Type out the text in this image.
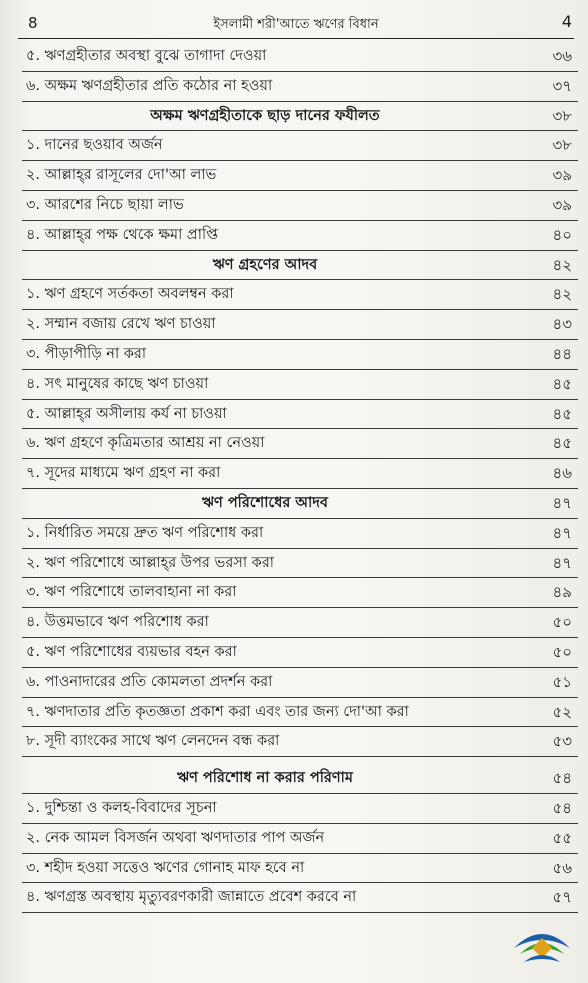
8	ইসলামী শরী'আতে ঋণের বিধান	4
৫. ঋণগ্রহীতার অবস্থা বুঝে তাগাদা দেওয়া	৩৬
৬. অক্ষম ঋণগ্রহীতার প্রতি কঠোর না হওয়া	৩৭
অক্ষম ঋণগ্রহীতাকে ছাড় দানের ফযীলত	৩৮
১. দানের ছওয়াব অর্জন	৩৮
২. আল্লাহ্‌র রাসূলের দো'আ লাভ	৩৯
৩. আরশের নিচে ছায়া লাভ	৩৯
৪. আল্লাহ্‌র পক্ষ থেকে ক্ষমা প্রাপ্তি	৪০
ঋণ গ্রহণের আদব	৪২
১. ঋণ গ্রহণে সর্তকতা অবলম্বন করা	৪২
২. সম্মান বজায় রেখে ঋণ চাওয়া	৪৩
৩. পীড়াপীড়ি না করা	৪৪
৪. সৎ মানুষের কাছে ঋণ চাওয়া	৪৫
৫. আল্লাহ্‌র অসীলায় কর্য না চাওয়া	৪৫
৬. ঋণ গ্রহণে কৃত্রিমতার আশ্রয় না নেওয়া	৪৫
৭. সূদের মাধ্যমে ঋণ গ্রহণ না করা	৪৬
ঋণ পরিশোধের আদব	৪৭
১. নির্ধারিত সময়ে দ্রুত ঋণ পরিশোধ করা	৪৭
২. ঋণ পরিশোধে আল্লাহ্‌র উপর ভরসা করা	৪৭
৩. ঋণ পরিশোধে তালবাহানা না করা	৪৯
৪. উত্তমভাবে ঋণ পরিশোধ করা	৫০
৫. ঋণ পরিশোধের ব্যয়ভার বহন করা	৫০
৬. পাওনাদারের প্রতি কোমলতা প্রদর্শন করা	৫১
৭. ঋণদাতার প্রতি কৃতজ্ঞতা প্রকাশ করা এবং তার জন্য দো'আ করা	৫২
৮. সূদী ব্যাংকের সাথে ঋণ লেনদেন বন্ধ করা	৫৩
ঋণ পরিশোধ না করার পরিণাম	৫৪
১. দুশ্চিন্তা ও কলহ-বিবাদের সূচনা	৫৪
২. নেক আমল বিসর্জন অথবা ঋণদাতার পাপ অর্জন	৫৫
৩. শহীদ হওয়া সত্তেও ঋণের গোনাহ মাফ হবে না	৫৬
৪. ঋণগ্রস্ত অবস্থায় মৃত্যুবরণকারী জান্নাতে প্রবেশ করবে না	৫৭
